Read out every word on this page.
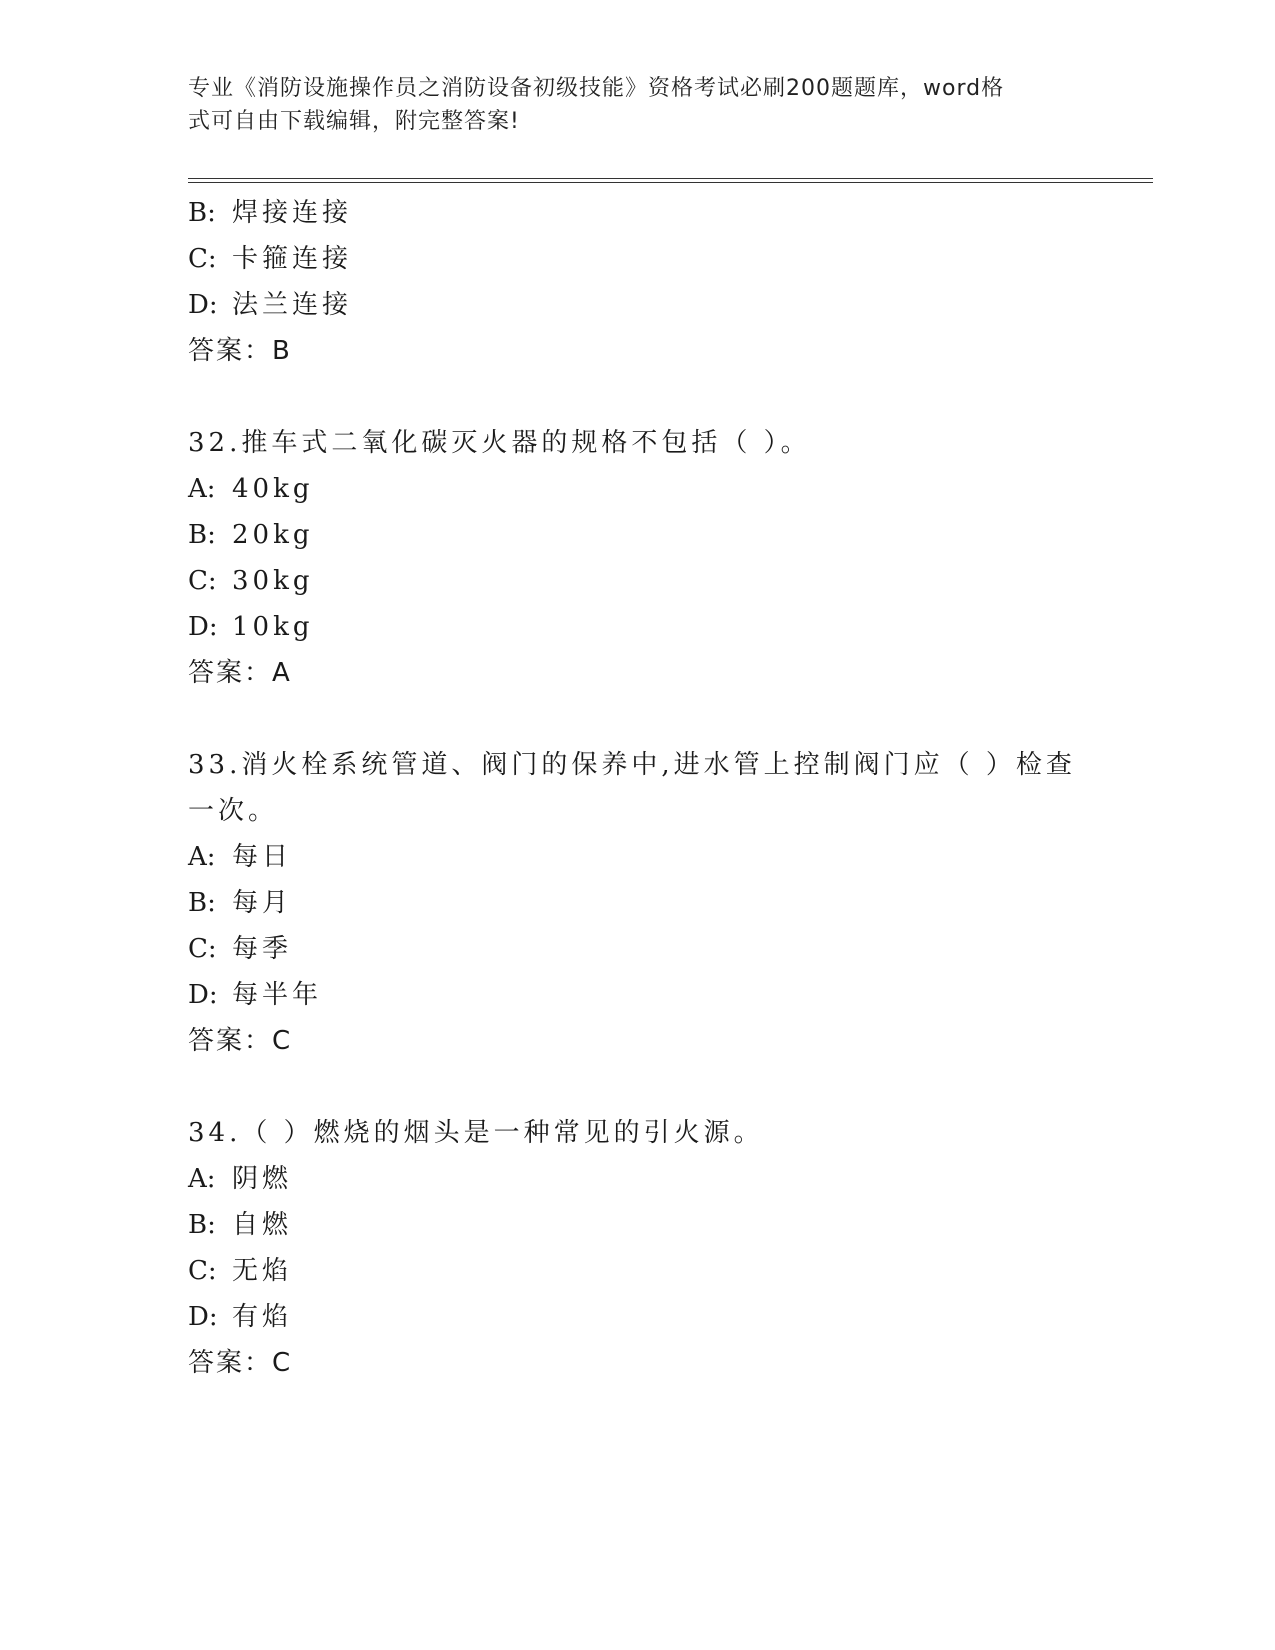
专业《消防设施操作员之消防设备初级技能》资格考试必刷200题题库，word格
式可自由下载编辑，附完整答案!
B: 焊接连接
C: 卡箍连接
D: 法兰连接
答案：B
32.推车式二氧化碳灭火器的规格不包括（ ）。
A: 40kg
B: 20kg
C: 30kg
D: 10kg
答案：A
33.消火栓系统管道、阀门的保养中,进水管上控制阀门应（ ）检查
一次。
A: 每日
B: 每月
C: 每季
D: 每半年
答案：C
34.（ ）燃烧的烟头是一种常见的引火源。
A: 阴燃
B: 自燃
C: 无焰
D: 有焰
答案：C
